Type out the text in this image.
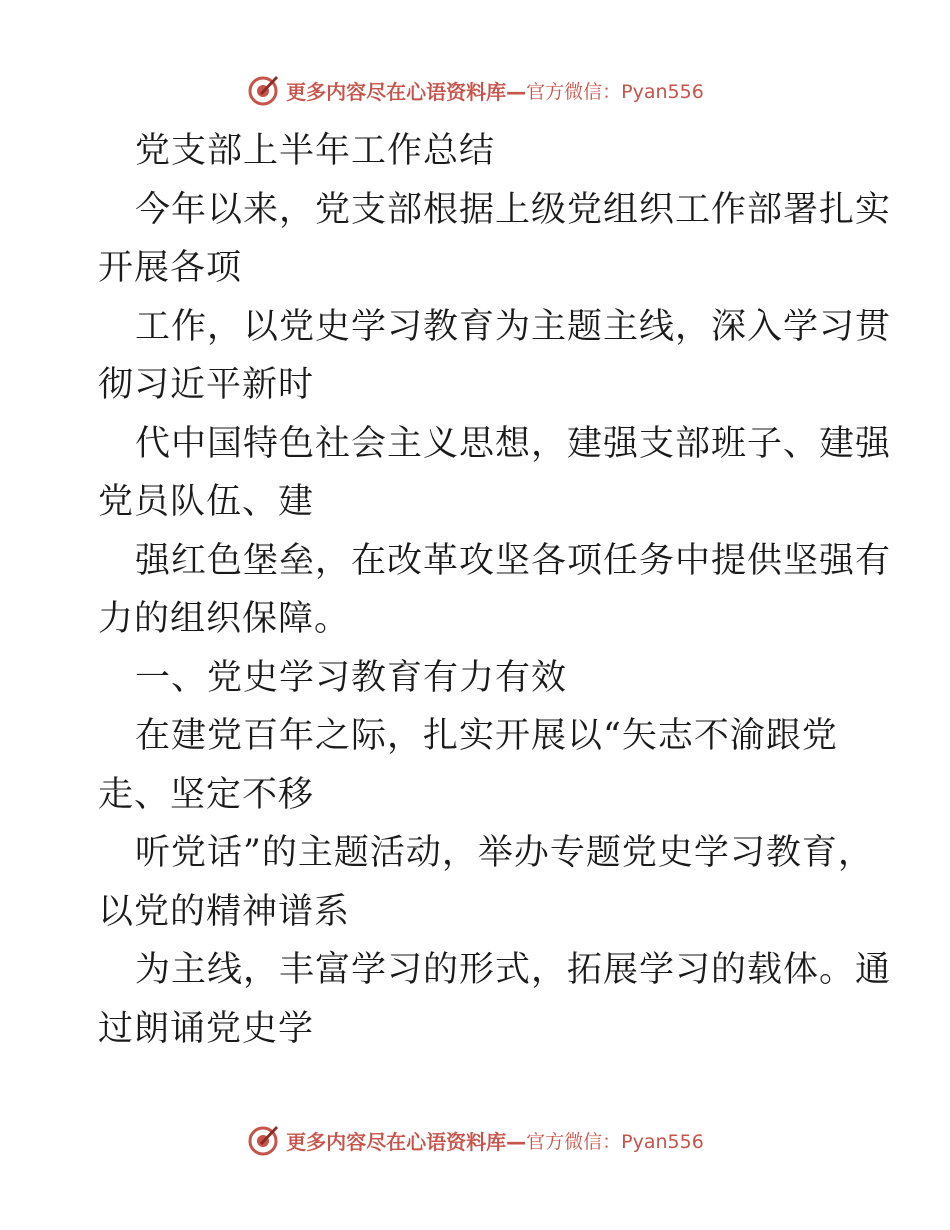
更多内容尽在心语资料库— 官方微信：Pyan556
党支部上半年工作总结
今年以来，党支部根据上级党组织工作部署扎实
开展各项
工作，以党史学习教育为主题主线，深入学习贯
彻习近平新时
代中国特色社会主义思想，建强支部班子、建强
党员队伍、建
强红色堡垒，在改革攻坚各项任务中提供坚强有
力的组织保障。
一、党史学习教育有力有效
在建党百年之际，扎实开展以“矢志不渝跟党
走、坚定不移
听党话”的主题活动，举办专题党史学习教育，
以党的精神谱系
为主线，丰富学习的形式，拓展学习的载体。通
过朗诵党史学
更多内容尽在心语资料库— 官方微信：Pyan556
